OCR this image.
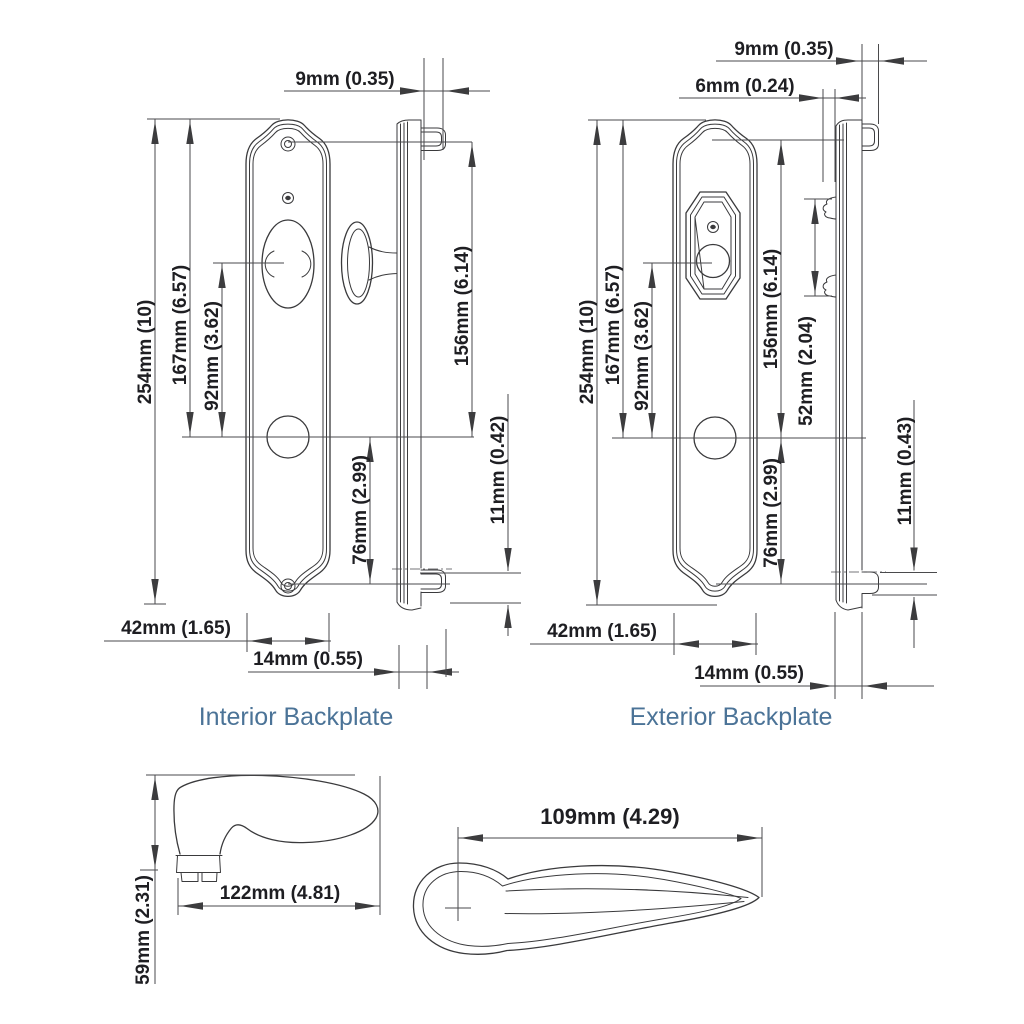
9mm (0.35)
254mm (10) 167mm (6.57) 92mm (3.62)	156mm (6.14)
76mm (2.99)	11mm (0.42)
42mm (1.65)
14mm (0.55)
Interior Backplate
9mm (0.35)
6mm (0.24)
254mm (10) 167mm (6.57) 92mm (3.62)	156mm (6.14)
52mm (2.04)
76mm (2.99)	11mm (0.43)
42mm (1.65)
14mm (0.55)
Exterior Backplate
59mm (2.31)	122mm (4.81)
109mm (4.29)
